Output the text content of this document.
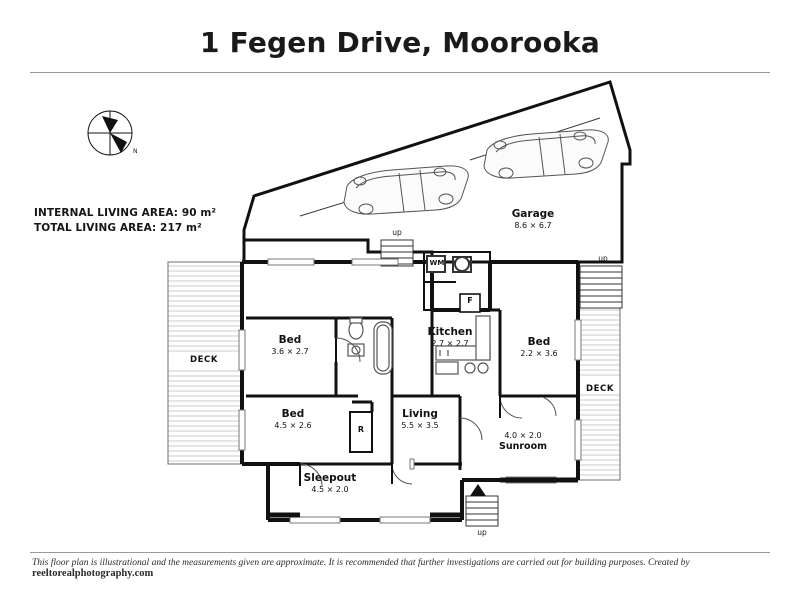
1 Fegen Drive, Moorooka
INTERNAL LIVING AREA: 90 m²
TOTAL LIVING AREA: 217 m²
N
Garage
8.6 × 6.7
Kitchen
2.7 × 2.7
Bed
3.6 × 2.7
Bed
4.5 × 2.6
Bed
2.2 × 3.6
Living
5.5 × 3.5
Sleepout
4.5 × 2.0
4.0 × 2.0
Sunroom
DECK
DECK
up
up
up
WM
F
R
This floor plan is illustrational and the measurements given are approximate. It is recommended that further investigations are carried out for building purposes. Created by reeltorealphotography.com
